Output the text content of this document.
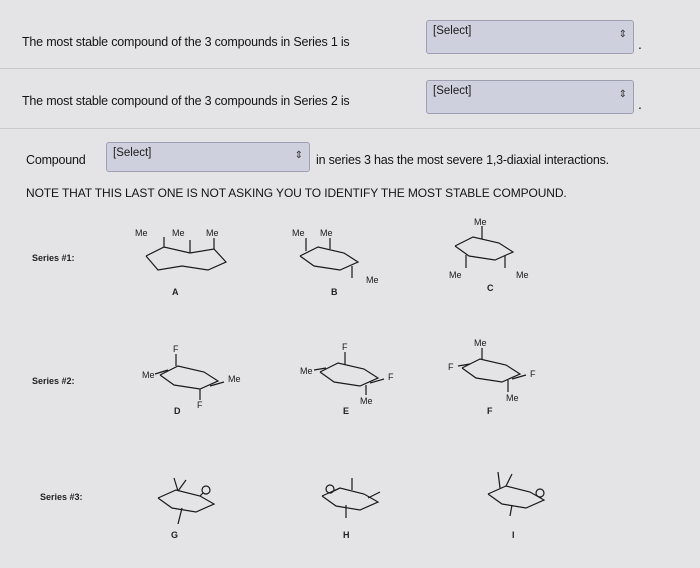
The most stable compound of the 3 compounds in Series 1 is
[Select]	⇕
.
The most stable compound of the 3 compounds in Series 2 is
[Select]	⇕
.
Compound [Select]	⇕ in series 3 has the most severe 1,3-diaxial interactions.
NOTE THAT THIS LAST ONE IS NOT ASKING YOU TO IDENTIFY THE MOST STABLE COMPOUND.
Series #1:
Series #2:
Series #3:
A	B	C
D	E	F
G	H	I
Me	Me Me	Me Me
Me
Me
Me	Me
Me
F
Me
F
Me
F
F
Me
F
Me
F
Me
